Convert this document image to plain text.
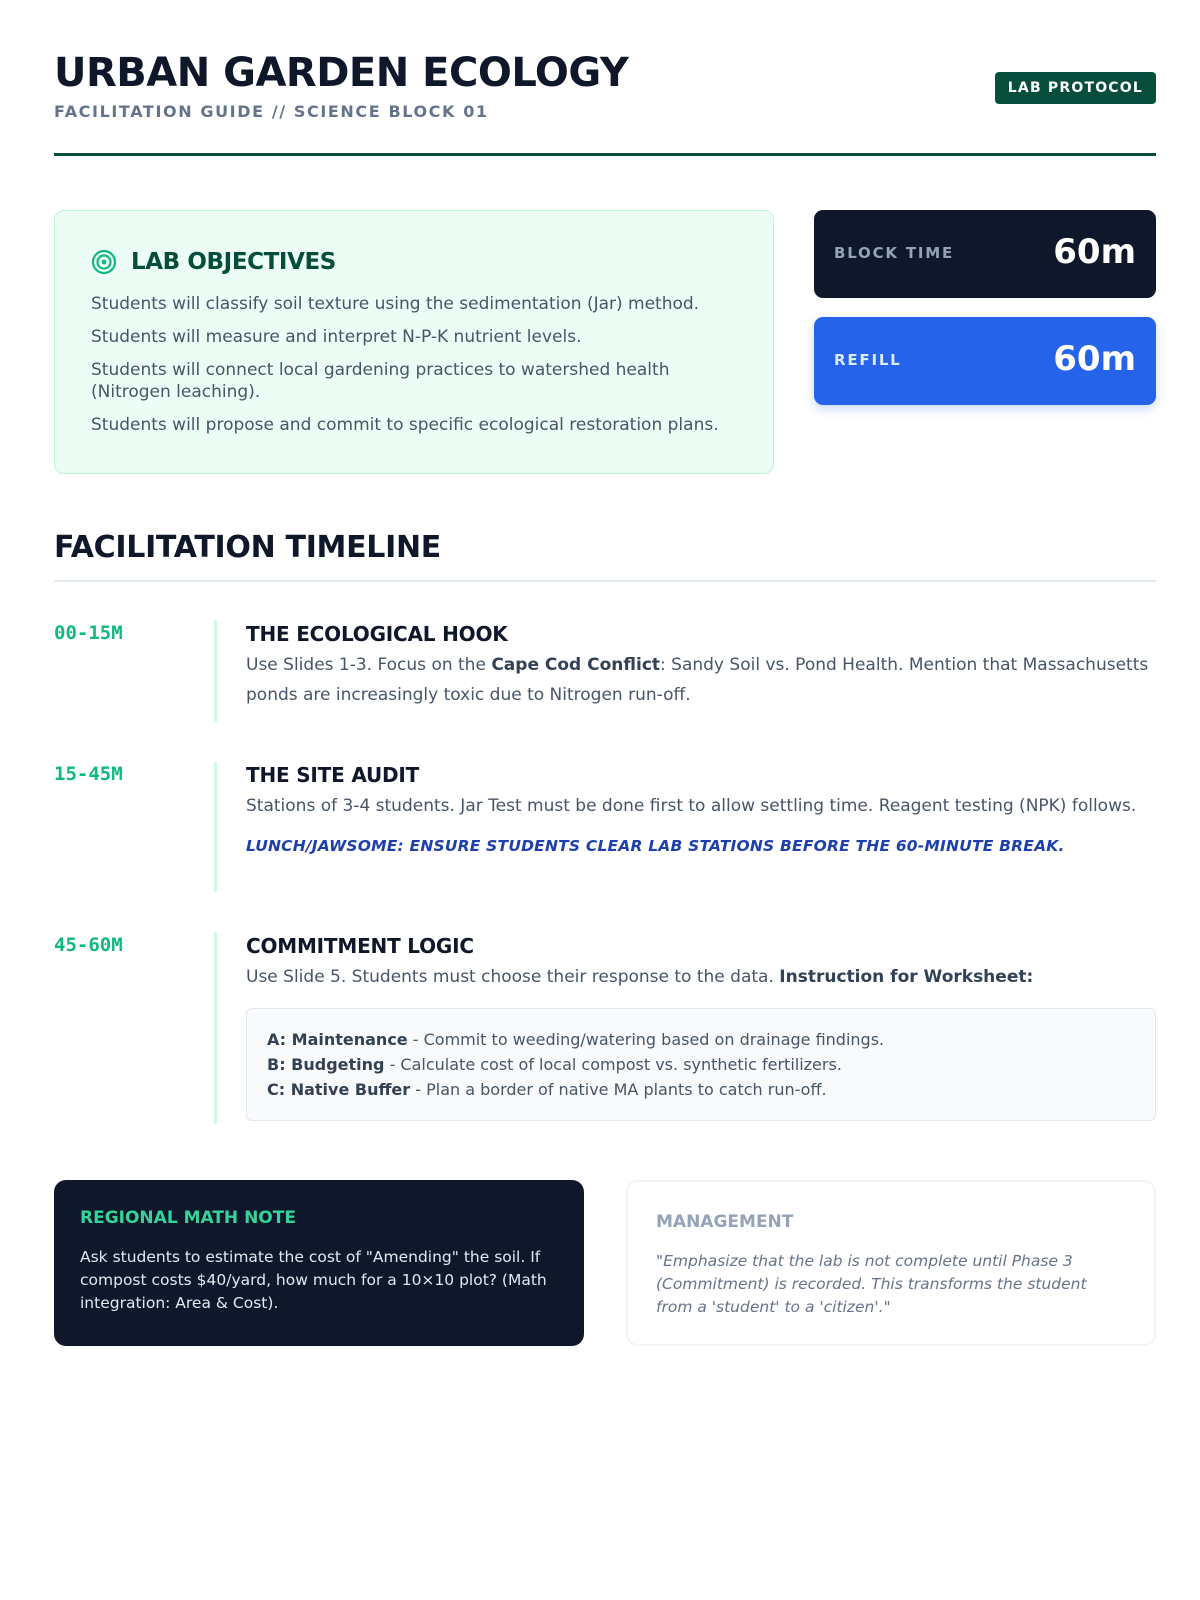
URBAN GARDEN ECOLOGY
FACILITATION GUIDE // SCIENCE BLOCK 01
LAB PROTOCOL
LAB OBJECTIVES
Students will classify soil texture using the sedimentation (Jar) method.
Students will measure and interpret N-P-K nutrient levels.
Students will connect local gardening practices to watershed health (Nitrogen leaching).
Students will propose and commit to specific ecological restoration plans.
BLOCK TIME	60m
REFILL	60m
FACILITATION TIMELINE
00-15M	THE ECOLOGICAL HOOK
Use Slides 1-3. Focus on the Cape Cod Conflict: Sandy Soil vs. Pond Health. Mention that Massachusetts ponds are increasingly toxic due to Nitrogen run-off.
15-45M	THE SITE AUDIT
Stations of 3-4 students. Jar Test must be done first to allow settling time. Reagent testing (NPK) follows.
LUNCH/JAWSOME: ENSURE STUDENTS CLEAR LAB STATIONS BEFORE THE 60-MINUTE BREAK.
45-60M	COMMITMENT LOGIC
Use Slide 5. Students must choose their response to the data. Instruction for Worksheet:
A: Maintenance - Commit to weeding/watering based on drainage findings.
B: Budgeting - Calculate cost of local compost vs. synthetic fertilizers.
C: Native Buffer - Plan a border of native MA plants to catch run-off.
REGIONAL MATH NOTE
Ask students to estimate the cost of "Amending" the soil. If compost costs $40/yard, how much for a 10×10 plot? (Math integration: Area & Cost).
MANAGEMENT
"Emphasize that the lab is not complete until Phase 3 (Commitment) is recorded. This transforms the student from a 'student' to a 'citizen'."
